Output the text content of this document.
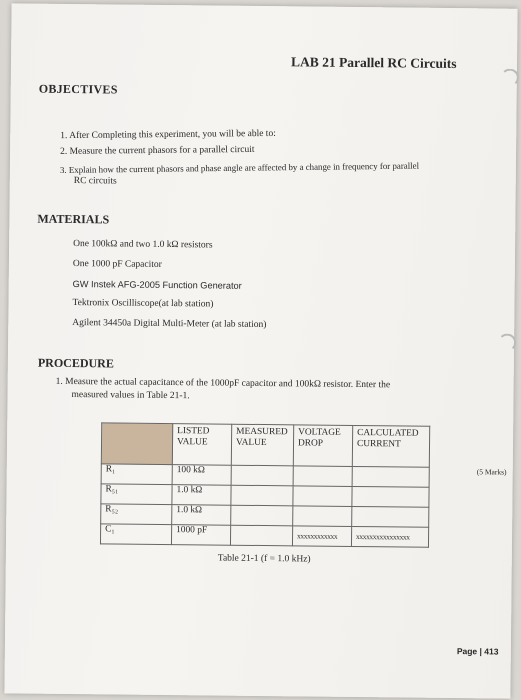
LAB 21 Parallel RC Circuits
OBJECTIVES
1. After Completing this experiment, you will be able to:
2. Measure the current phasors for a parallel circuit
3. Explain how the current phasors and phase angle are affected by a change in frequency for parallel
RC circuits
MATERIALS
One 100kΩ and two 1.0 kΩ resistors
One 1000 pF Capacitor
GW Instek AFG-2005 Function Generator
Tektronix Oscilliscope(at lab station)
Agilent 34450a Digital Multi-Meter (at lab station)
PROCEDURE
1. Measure the actual capacitance of the 1000pF capacitor and 100kΩ resistor. Enter the
measured values in Table 21-1.
	LISTED VALUE	MEASURED VALUE	VOLTAGE DROP	CALCULATED CURRENT
R₁	100 kΩ			
R₅₁	1.0 kΩ			
R₅₂	1.0 kΩ			
C₁	1000 pF		xxxxxxxxxxxx	xxxxxxxxxxxxxxxx
(5 Marks)
Table 21-1 (f = 1.0 kHz)
Page | 413
